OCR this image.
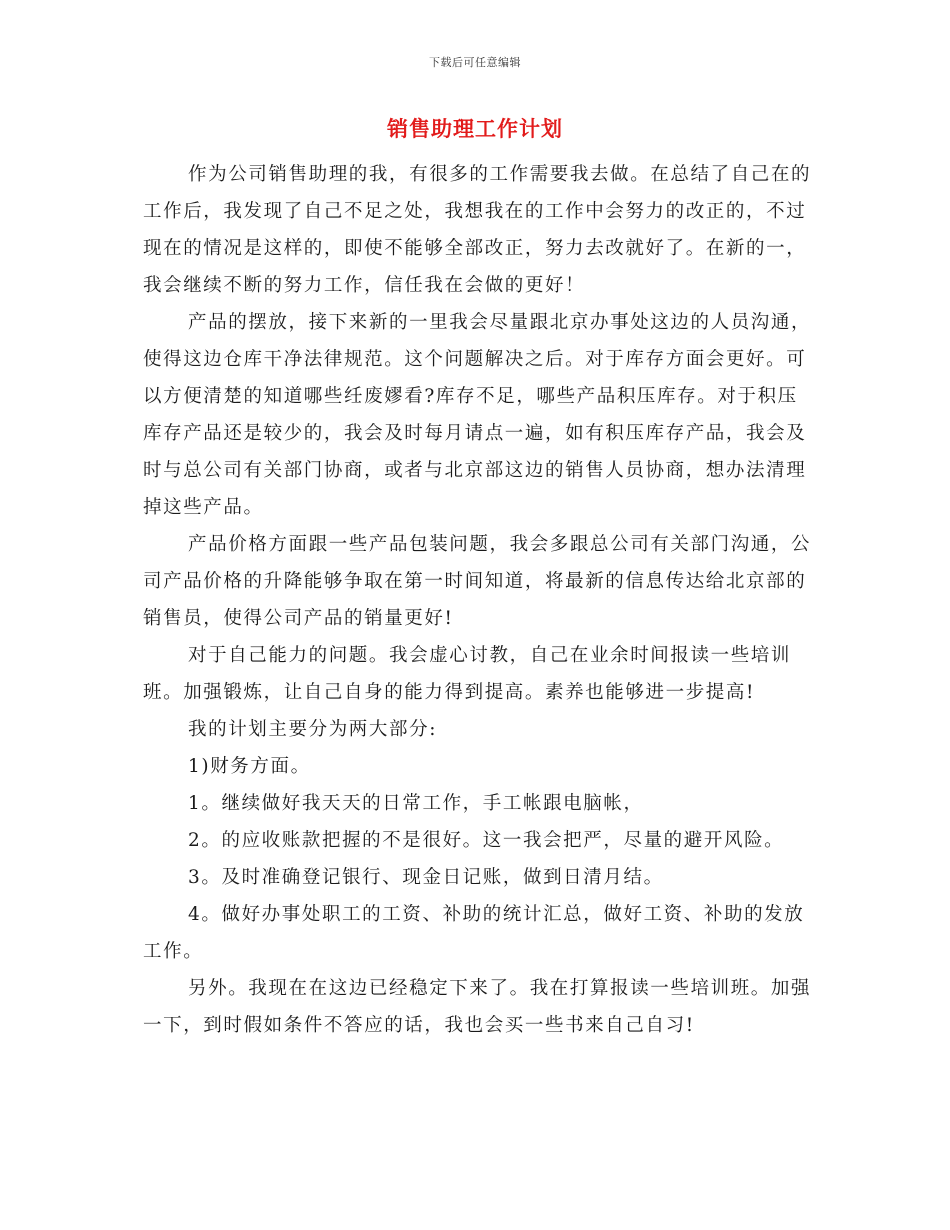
下载后可任意编辑
销售助理工作计划

作为公司销售助理的我，有很多的工作需要我去做。在总结了自己在的工作后，我发现了自己不足之处，我想我在的工作中会努力的改正的，不过现在的情况是这样的，即使不能够全部改正，努力去改就好了。在新的一，我会继续不断的努力工作，信任我在会做的更好！

产品的摆放，接下来新的一里我会尽量跟北京办事处这边的人员沟通，使得这边仓库干净法律规范。这个问题解决之后。对于库存方面会更好。可以方便清楚的知道哪些纴废嫪看?库存不足，哪些产品积压库存。对于积压库存产品还是较少的，我会及时每月请点一遍，如有积压库存产品，我会及时与总公司有关部门协商，或者与北京部这边的销售人员协商，想办法清理掉这些产品。

产品价格方面跟一些产品包装问题，我会多跟总公司有关部门沟通，公司产品价格的升降能够争取在第一时间知道，将最新的信息传达给北京部的销售员，使得公司产品的销量更好!

对于自己能力的问题。我会虚心讨教，自己在业余时间报读一些培训班。加强锻炼，让自己自身的能力得到提高。素养也能够进一步提高!

我的计划主要分为两大部分:

1)财务方面。

1。继续做好我天天的日常工作，手工帐跟电脑帐，

2。的应收账款把握的不是很好。这一我会把严，尽量的避开风险。

3。及时准确登记银行、现金日记账，做到日清月结。

4。做好办事处职工的工资、补助的统计汇总，做好工资、补助的发放工作。

另外。我现在在这边已经稳定下来了。我在打算报读一些培训班。加强一下，到时假如条件不答应的话，我也会买一些书来自己自习!
